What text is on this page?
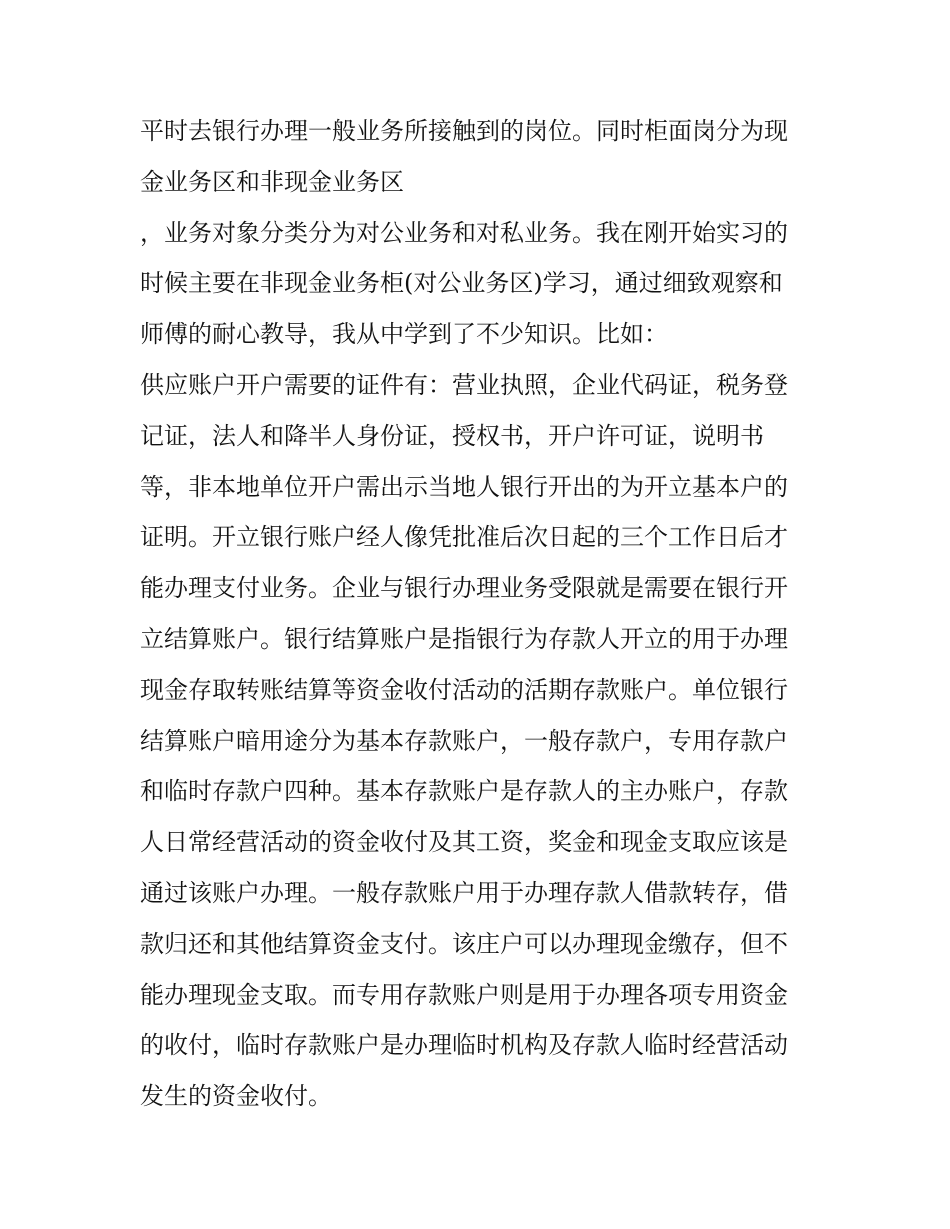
平时去银行办理一般业务所接触到的岗位。同时柜面岗分为现
金业务区和非现金业务区
，业务对象分类分为对公业务和对私业务。我在刚开始实习的
时候主要在非现金业务柜(对公业务区)学习，通过细致观察和
师傅的耐心教导，我从中学到了不少知识。比如：
供应账户开户需要的证件有：营业执照，企业代码证，税务登
记证，法人和降半人身份证，授权书，开户许可证，说明书
等，非本地单位开户需出示当地人银行开出的为开立基本户的
证明。开立银行账户经人像凭批准后次日起的三个工作日后才
能办理支付业务。企业与银行办理业务受限就是需要在银行开
立结算账户。银行结算账户是指银行为存款人开立的用于办理
现金存取转账结算等资金收付活动的活期存款账户。单位银行
结算账户暗用途分为基本存款账户，一般存款户，专用存款户
和临时存款户四种。基本存款账户是存款人的主办账户，存款
人日常经营活动的资金收付及其工资，奖金和现金支取应该是
通过该账户办理。一般存款账户用于办理存款人借款转存，借
款归还和其他结算资金支付。该庄户可以办理现金缴存，但不
能办理现金支取。而专用存款账户则是用于办理各项专用资金
的收付，临时存款账户是办理临时机构及存款人临时经营活动
发生的资金收付。
